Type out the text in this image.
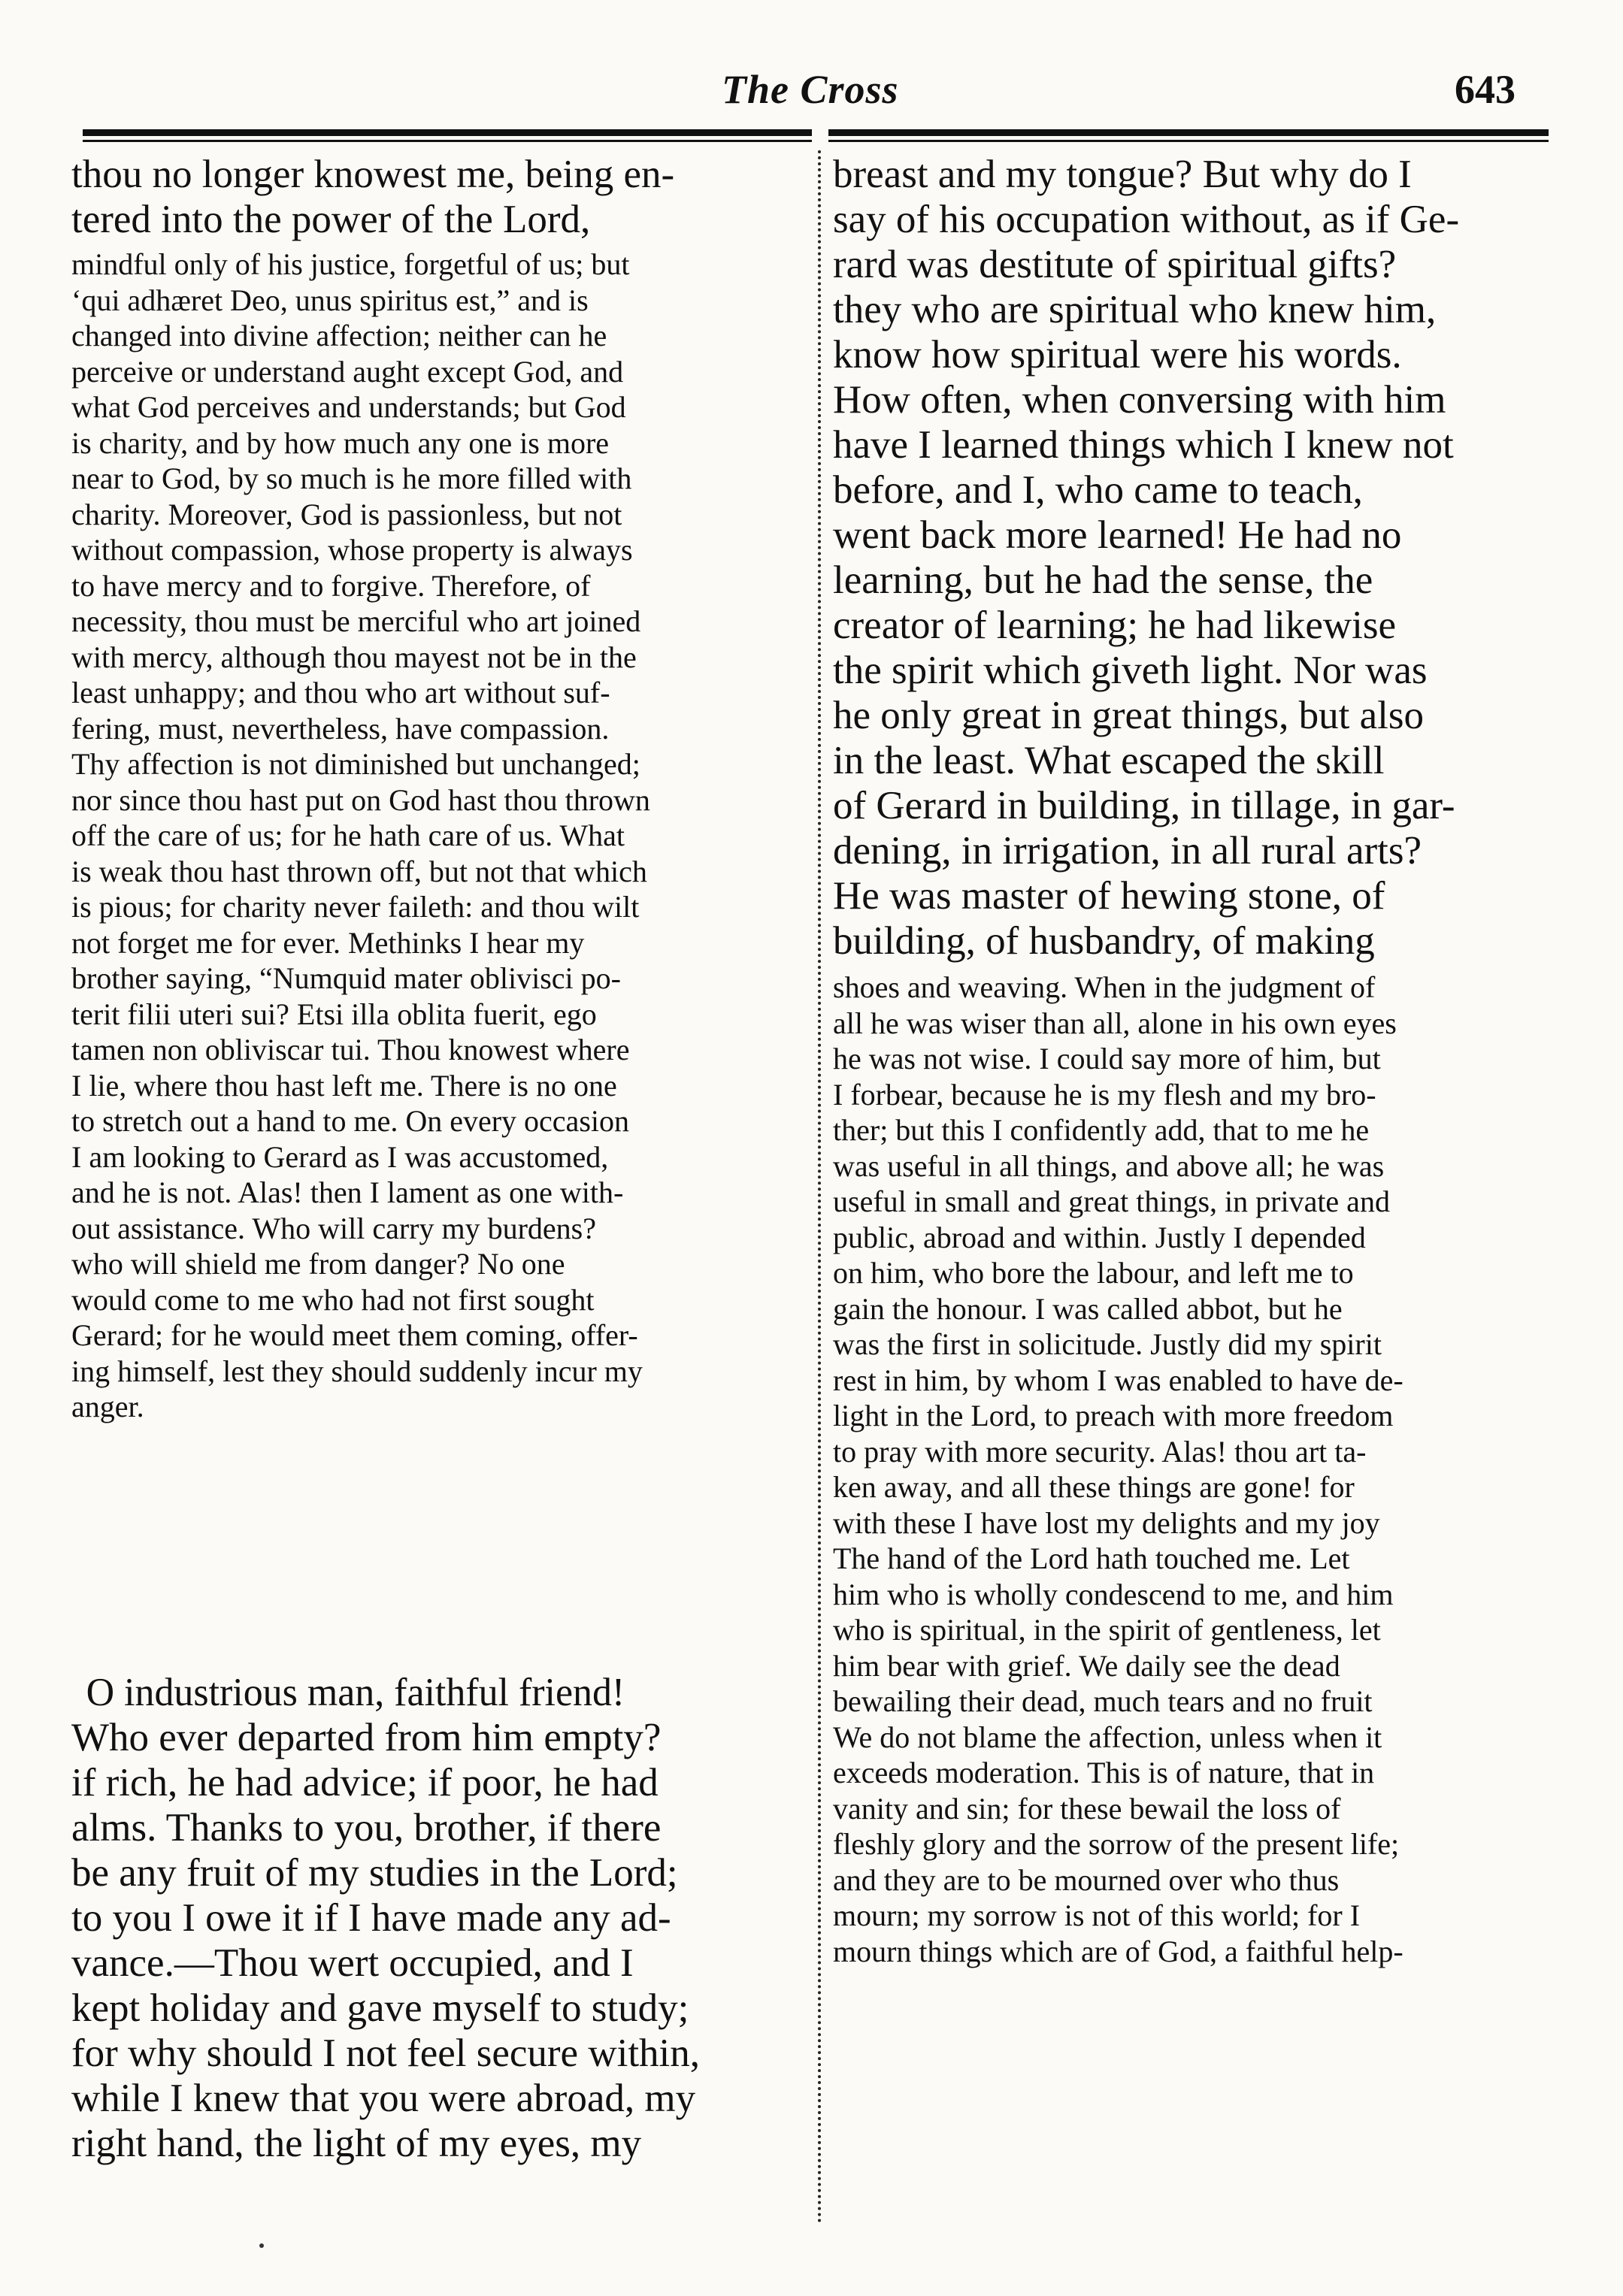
The Cross	643
thou no longer knowest me, being en-
tered into the power of the Lord,
mindful only of his justice, forgetful of us; but
‘qui adhæret Deo, unus spiritus est,” and is
changed into divine affection; neither can he
perceive or understand aught except God, and
what God perceives and understands; but God
is charity, and by how much any one is more
near to God, by so much is he more filled with
charity. Moreover, God is passionless, but not
without compassion, whose property is always
to have mercy and to forgive. Therefore, of
necessity, thou must be merciful who art joined
with mercy, although thou mayest not be in the
least unhappy; and thou who art without suf-
fering, must, nevertheless, have compassion.
Thy affection is not diminished but unchanged;
nor since thou hast put on God hast thou thrown
off the care of us; for he hath care of us. What
is weak thou hast thrown off, but not that which
is pious; for charity never faileth: and thou wilt
not forget me for ever. Methinks I hear my
brother saying, “Numquid mater oblivisci po-
terit filii uteri sui? Etsi illa oblita fuerit, ego
tamen non obliviscar tui. Thou knowest where
I lie, where thou hast left me. There is no one
to stretch out a hand to me. On every occasion
I am looking to Gerard as I was accustomed,
and he is not. Alas! then I lament as one with-
out assistance. Who will carry my burdens?
who will shield me from danger? No one
would come to me who had not first sought
Gerard; for he would meet them coming, offer-
ing himself, lest they should suddenly incur my
anger.
O industrious man, faithful friend!
Who ever departed from him empty?
if rich, he had advice; if poor, he had
alms. Thanks to you, brother, if there
be any fruit of my studies in the Lord;
to you I owe it if I have made any ad-
vance.—Thou wert occupied, and I
kept holiday and gave myself to study;
for why should I not feel secure within,
while I knew that you were abroad, my
right hand, the light of my eyes, my
breast and my tongue? But why do I
say of his occupation without, as if Ge-
rard was destitute of spiritual gifts?
they who are spiritual who knew him,
know how spiritual were his words.
How often, when conversing with him
have I learned things which I knew not
before, and I, who came to teach,
went back more learned! He had no
learning, but he had the sense, the
creator of learning; he had likewise
the spirit which giveth light. Nor was
he only great in great things, but also
in the least. What escaped the skill
of Gerard in building, in tillage, in gar-
dening, in irrigation, in all rural arts?
He was master of hewing stone, of
building, of husbandry, of making
shoes and weaving. When in the judgment of
all he was wiser than all, alone in his own eyes
he was not wise. I could say more of him, but
I forbear, because he is my flesh and my bro-
ther; but this I confidently add, that to me he
was useful in all things, and above all; he was
useful in small and great things, in private and
public, abroad and within. Justly I depended
on him, who bore the labour, and left me to
gain the honour. I was called abbot, but he
was the first in solicitude. Justly did my spirit
rest in him, by whom I was enabled to have de-
light in the Lord, to preach with more freedom
to pray with more security. Alas! thou art ta-
ken away, and all these things are gone! for
with these I have lost my delights and my joy
The hand of the Lord hath touched me. Let
him who is wholly condescend to me, and him
who is spiritual, in the spirit of gentleness, let
him bear with grief. We daily see the dead
bewailing their dead, much tears and no fruit
We do not blame the affection, unless when it
exceeds moderation. This is of nature, that in
vanity and sin; for these bewail the loss of
fleshly glory and the sorrow of the present life;
and they are to be mourned over who thus
mourn; my sorrow is not of this world; for I
mourn things which are of God, a faithful help-
